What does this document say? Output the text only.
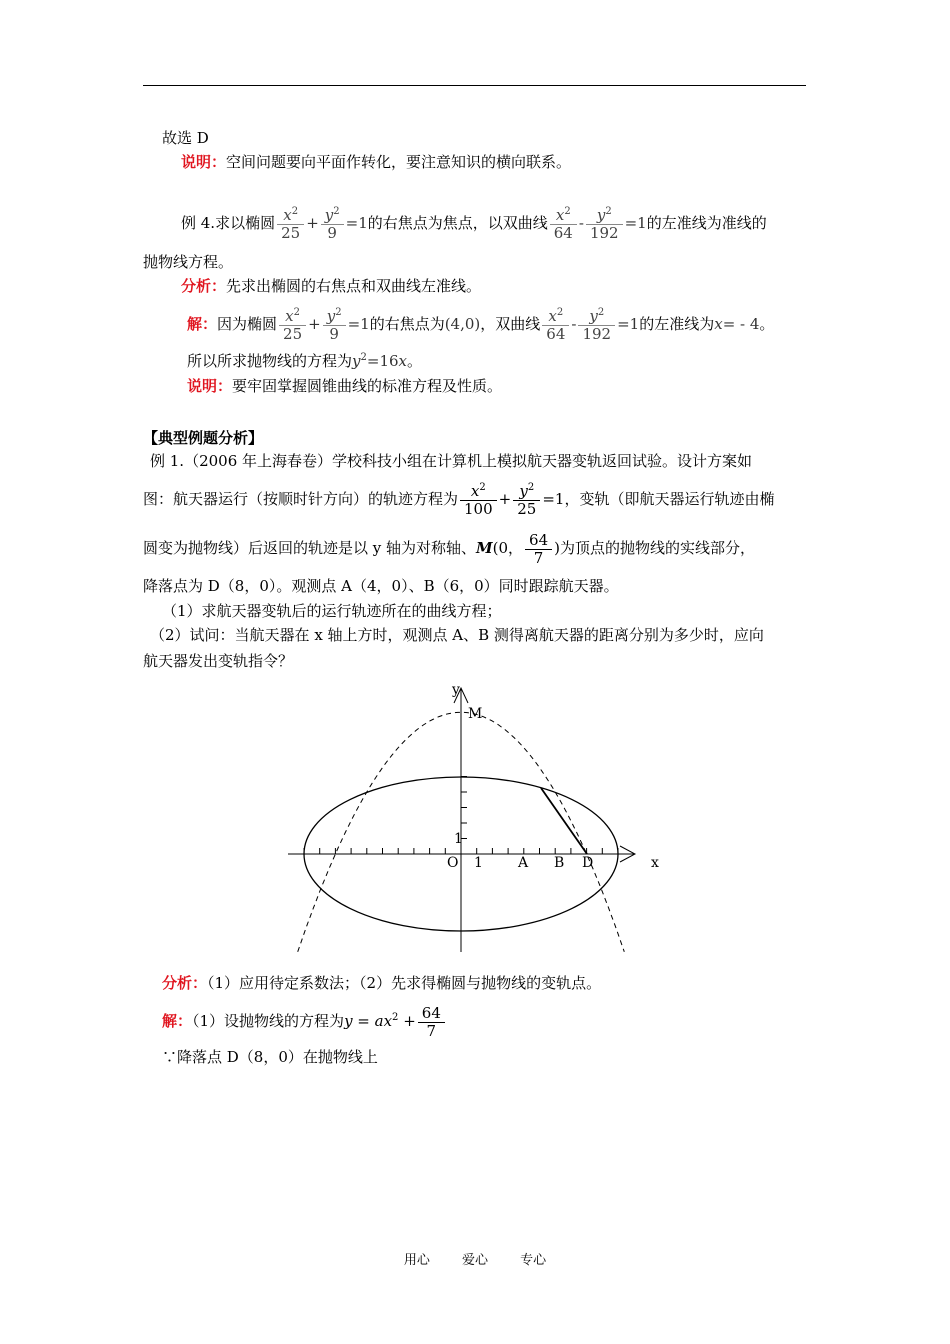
故选 D
说明：空间问题要向平面作转化，要注意知识的横向联系。
例 4.求以椭圆 $\frac{x^2}{25} + \frac{y^2}{9} =1$的右焦点为焦点，以双曲线 $\frac{x^2}{64} - \frac{y^2}{192} =1$的左准线为准线的
抛物线方程。
分析：先求出椭圆的右焦点和双曲线左准线。
解：因为椭圆 $\frac{x^2}{25} + \frac{y^2}{9} =1$的右焦点为(4,0)，双曲线 $\frac{x^2}{64} - \frac{y^2}{192} =1$的左准线为x= - 4。
所以所求抛物线的方程为$y^2=16x$。
说明：要牢固掌握圆锥曲线的标准方程及性质。
【典型例题分析】
例 1.（2006 年上海春卷）学校科技小组在计算机上模拟航天器变轨返回试验。设计方案如
图：航天器运行（按顺时针方向）的轨迹方程为 $\frac{x^2}{100} + \frac{y^2}{25} =1$，变轨（即航天器运行轨迹由椭
圆变为抛物线）后返回的轨迹是以 y 轴为对称轴、M(0， $\frac{64}{7}$ )为顶点的抛物线的实线部分，
降落点为 D（8，0）。观测点 A（4，0）、B（6，0）同时跟踪航天器。
（1）求航天器变轨后的运行轨迹所在的曲线方程；
（2）试问：当航天器在 x 轴上方时，观测点 A、B 测得离航天器的距离分别为多少时，应向
航天器发出变轨指令？
y
x
M
1
O 1	A B D
分析：（1）应用待定系数法；（2）先求得椭圆与抛物线的变轨点。
解：（1）设抛物线的方程为$y = ax^2 + \frac{64}{7}$
∵降落点 D（8，0）在抛物线上
用心 爱心 专心
